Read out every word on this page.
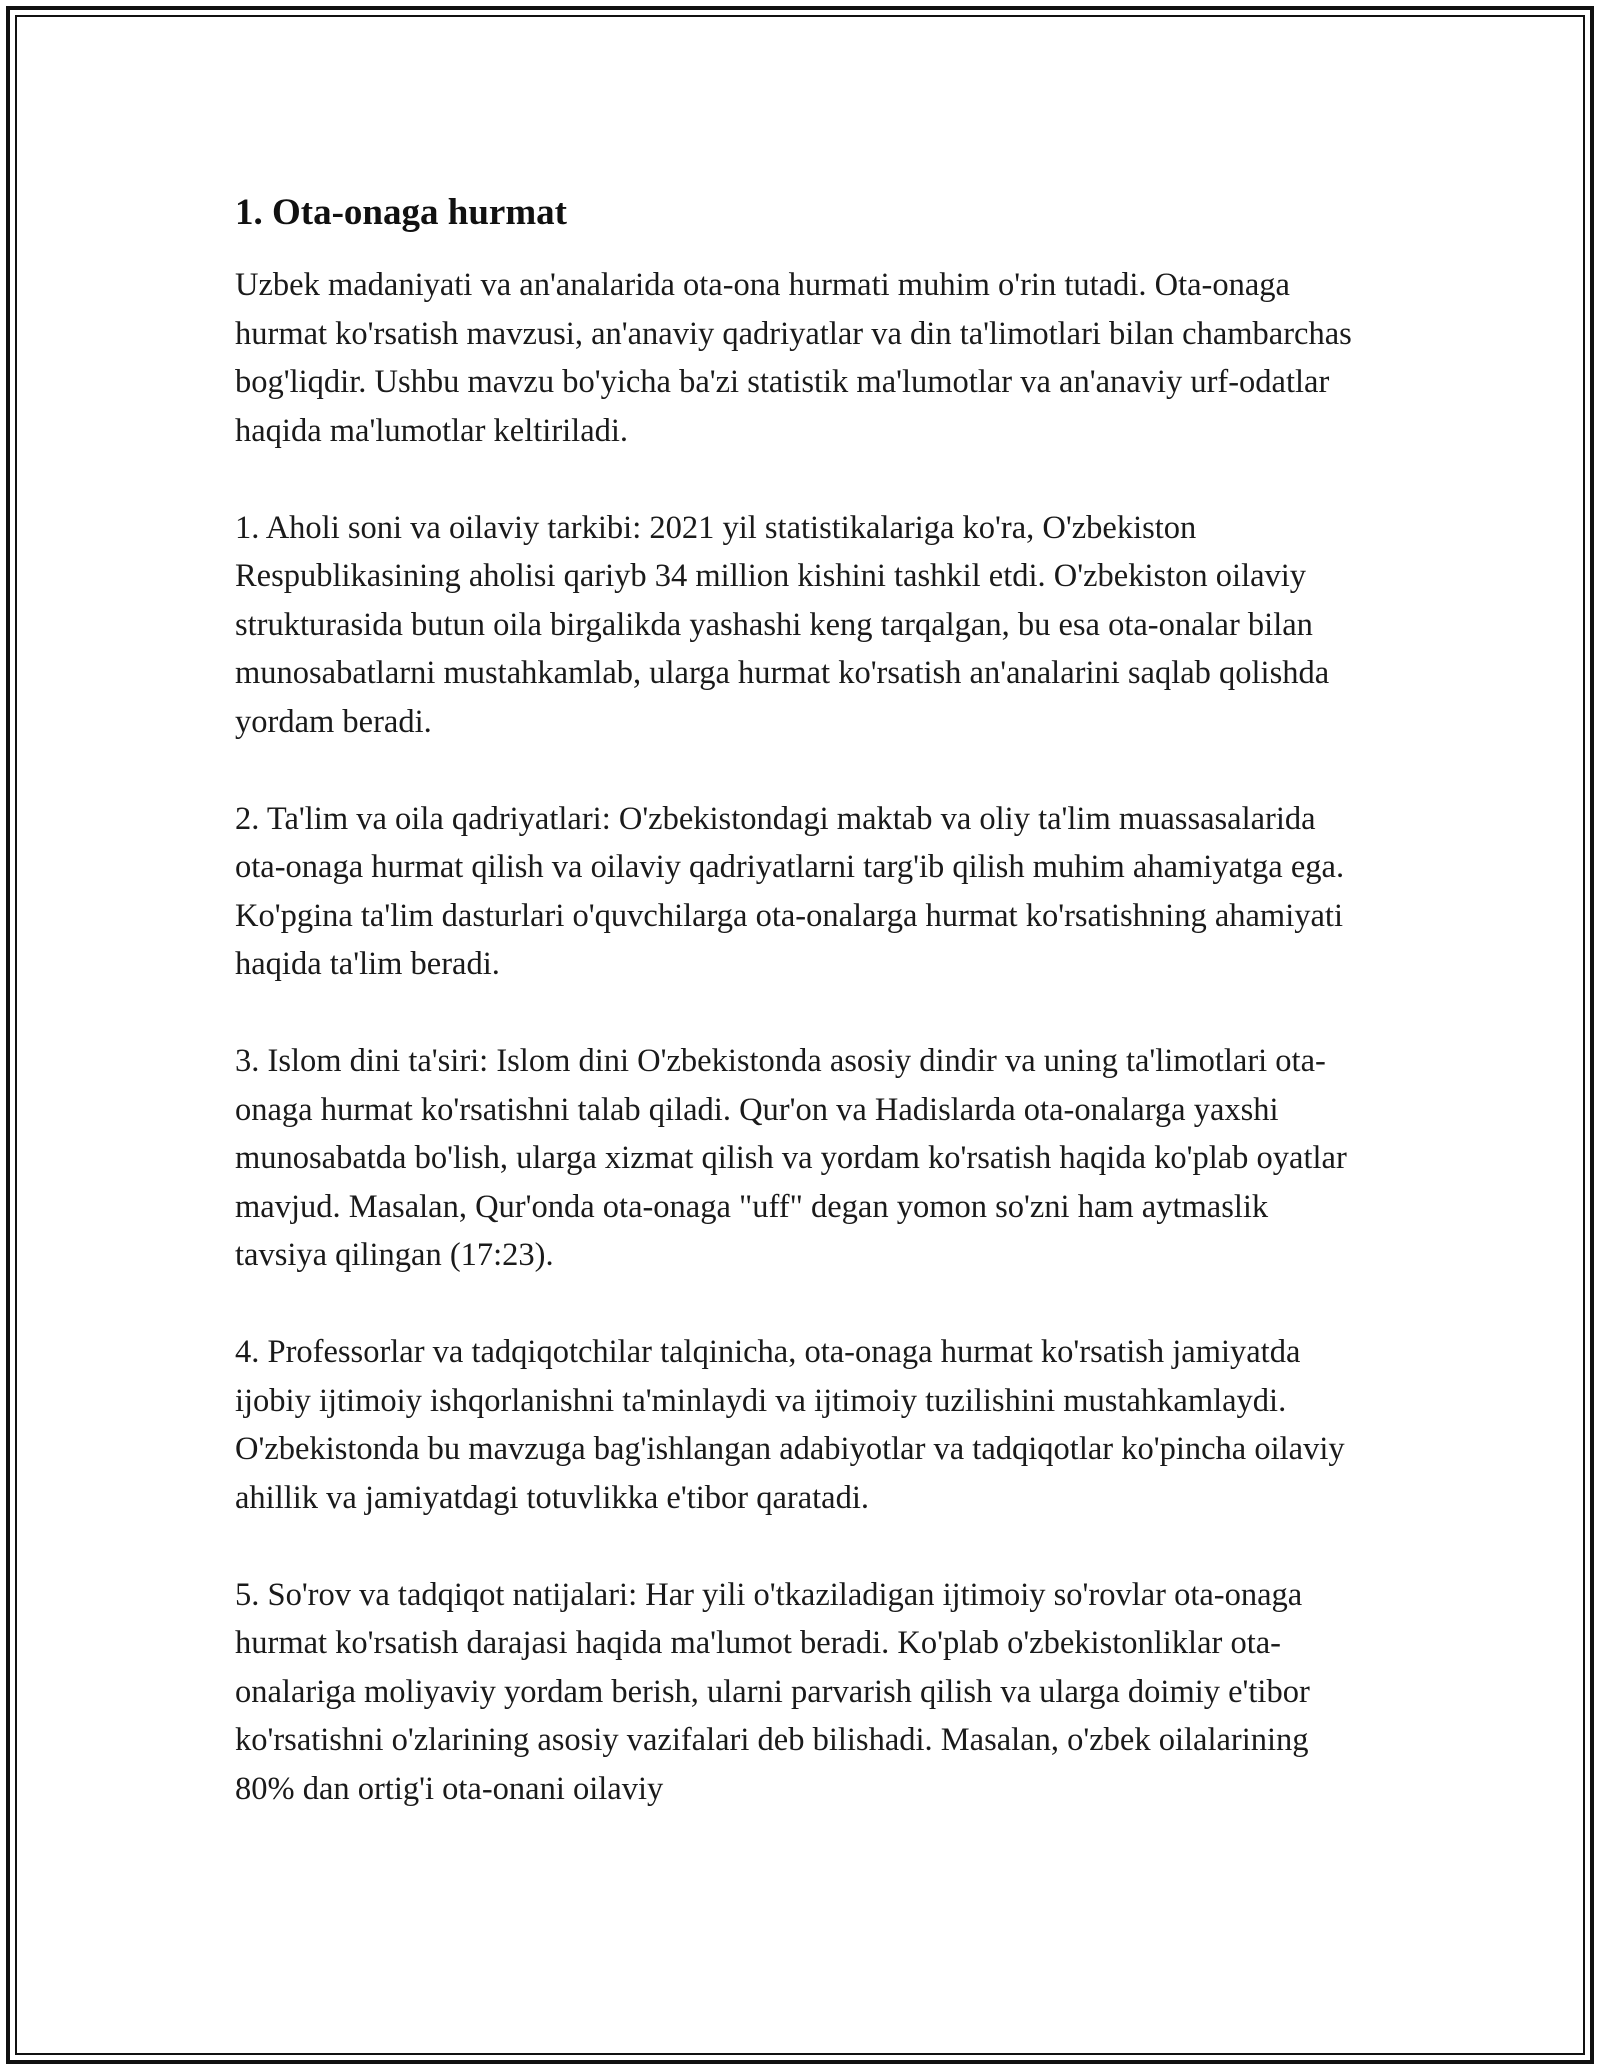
1. Ota-onaga hurmat

Uzbek madaniyati va an'analarida ota-ona hurmati muhim o'rin tutadi. Ota-onaga hurmat ko'rsatish mavzusi, an'anaviy qadriyatlar va din ta'limotlari bilan chambarchas bog'liqdir. Ushbu mavzu bo'yicha ba'zi statistik ma'lumotlar va an'anaviy urf-odatlar haqida ma'lumotlar keltiriladi.

1. Aholi soni va oilaviy tarkibi: 2021 yil statistikalariga ko'ra, O'zbekiston Respublikasining aholisi qariyb 34 million kishini tashkil etdi. O'zbekiston oilaviy strukturasida butun oila birgalikda yashashi keng tarqalgan, bu esa ota-onalar bilan munosabatlarni mustahkamlab, ularga hurmat ko'rsatish an'analarini saqlab qolishda yordam beradi.

2. Ta'lim va oila qadriyatlari: O'zbekistondagi maktab va oliy ta'lim muassasalarida ota-onaga hurmat qilish va oilaviy qadriyatlarni targ'ib qilish muhim ahamiyatga ega. Ko'pgina ta'lim dasturlari o'quvchilarga ota-onalarga hurmat ko'rsatishning ahamiyati haqida ta'lim beradi.

3. Islom dini ta'siri: Islom dini O'zbekistonda asosiy dindir va uning ta'limotlari ota-onaga hurmat ko'rsatishni talab qiladi. Qur'on va Hadislarda ota-onalarga yaxshi munosabatda bo'lish, ularga xizmat qilish va yordam ko'rsatish haqida ko'plab oyatlar mavjud. Masalan, Qur'onda ota-onaga "uff" degan yomon so'zni ham aytmaslik tavsiya qilingan (17:23).

4. Professorlar va tadqiqotchilar talqinicha, ota-onaga hurmat ko'rsatish jamiyatda ijobiy ijtimoiy ishqorlanishni ta'minlaydi va ijtimoiy tuzilishini mustahkamlaydi. O'zbekistonda bu mavzuga bag'ishlangan adabiyotlar va tadqiqotlar ko'pincha oilaviy ahillik va jamiyatdagi totuvlikka e'tibor qaratadi.

5. So'rov va tadqiqot natijalari: Har yili o'tkaziladigan ijtimoiy so'rovlar ota-onaga hurmat ko'rsatish darajasi haqida ma'lumot beradi. Ko'plab o'zbekistonliklar ota-onalariga moliyaviy yordam berish, ularni parvarish qilish va ularga doimiy e'tibor ko'rsatishni o'zlarining asosiy vazifalari deb bilishadi. Masalan, o'zbek oilalarining 80% dan ortig'i ota-onani oilaviy
